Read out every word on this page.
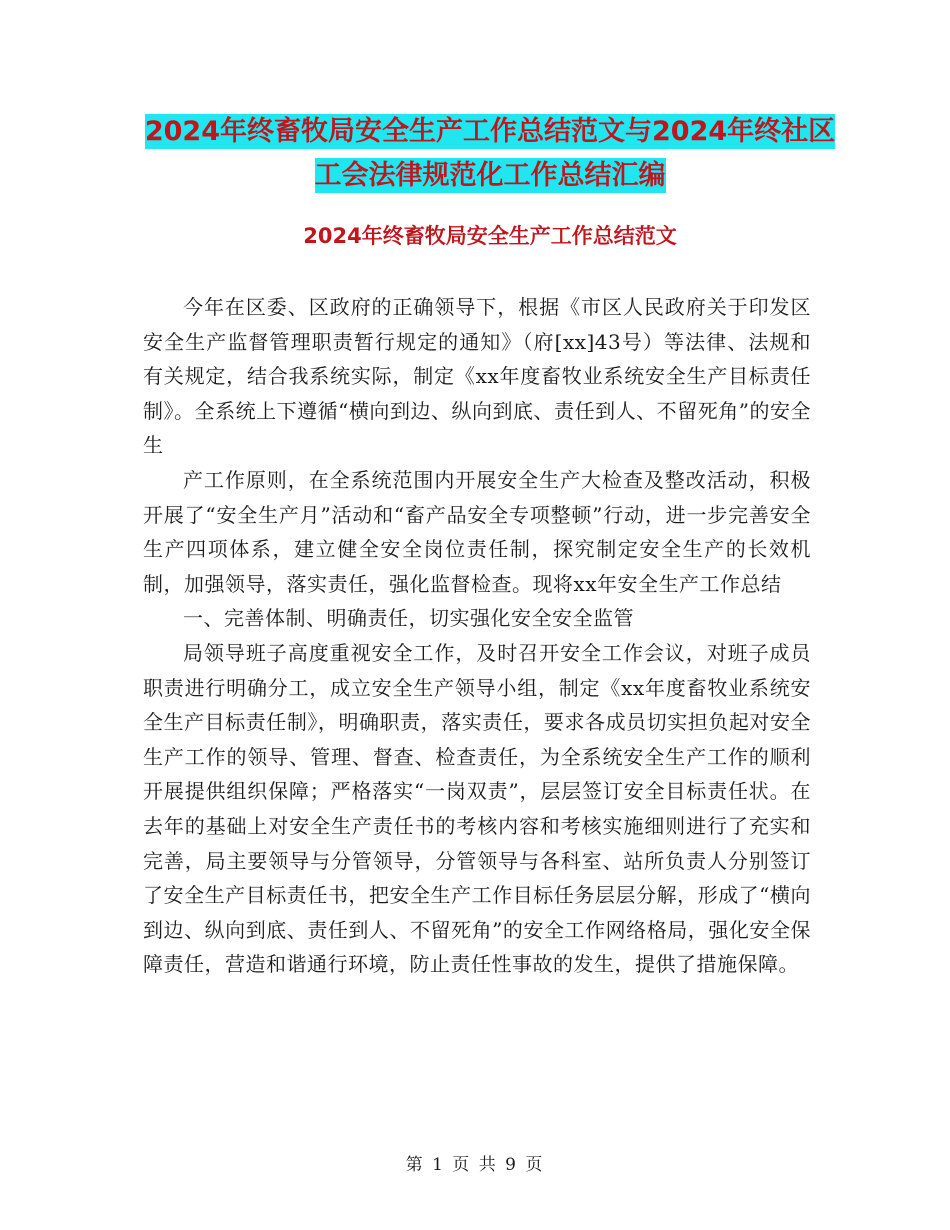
2024年终畜牧局安全生产工作总结范文与2024年终社区工会法律规范化工作总结汇编
2024年终畜牧局安全生产工作总结范文

今年在区委、区政府的正确领导下，根据《市区人民政府关于印发区安全生产监督管理职责暂行规定的通知》（府[xx]43号）等法律、法规和有关规定，结合我系统实际，制定《xx年度畜牧业系统安全生产目标责任制》。全系统上下遵循“横向到边、纵向到底、责任到人、不留死角”的安全生

产工作原则，在全系统范围内开展安全生产大检查及整改活动，积极开展了“安全生产月”活动和“畜产品安全专项整顿”行动，进一步完善安全生产四项体系，建立健全安全岗位责任制，探究制定安全生产的长效机制，加强领导，落实责任，强化监督检查。现将xx年安全生产工作总结

一、完善体制、明确责任，切实强化安全安全监管

局领导班子高度重视安全工作，及时召开安全工作会议，对班子成员职责进行明确分工，成立安全生产领导小组，制定《xx年度畜牧业系统安全生产目标责任制》，明确职责，落实责任，要求各成员切实担负起对安全生产工作的领导、管理、督查、检查责任，为全系统安全生产工作的顺利开展提供组织保障；严格落实“一岗双责”，层层签订安全目标责任状。在去年的基础上对安全生产责任书的考核内容和考核实施细则进行了充实和完善，局主要领导与分管领导，分管领导与各科室、站所负责人分别签订了安全生产目标责任书，把安全生产工作目标任务层层分解，形成了“横向到边、纵向到底、责任到人、不留死角”的安全工作网络格局，强化安全保障责任，营造和谐通行环境，防止责任性事故的发生，提供了措施保障。

第 1 页 共 9 页
